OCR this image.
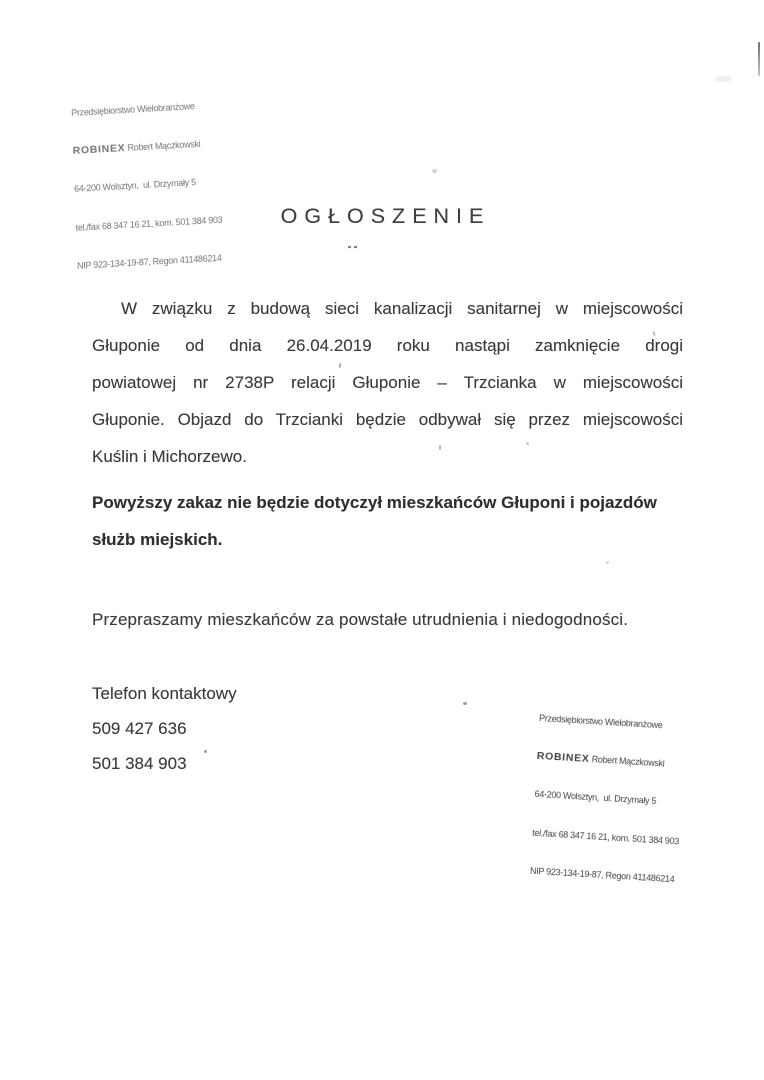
Przedsiębiorstwo Wielobranżowe

ROBINEX Robert Mączkowski

64-200 Wolsztyn,  ul. Drzymały 5

tel./fax 68 347 16 21, kom. 501 384 903

NIP 923-134-19-87, Regon 411486214

OGŁOSZENIE
W związku z budową sieci kanalizacji sanitarnej w miejscowości
Głuponie od dnia 26.04.2019 roku nastąpi zamknięcie drogi
powiatowej nr 2738P relacji Głuponie – Trzcianka w miejscowości
Głuponie. Objazd do Trzcianki będzie odbywał się przez miejscowości
Kuślin i Michorzewo.
Powyższy zakaz nie będzie dotyczył mieszkańców Głuponi i pojazdów
służb miejskich.
Przepraszamy mieszkańców za powstałe utrudnienia i niedogodności.
Telefon kontaktowy
509 427 636
501 384 903

Przedsiębiorstwo Wielobranżowe

ROBINEX Robert Mączkowski

64-200 Wolsztyn,  ul. Drzymały 5

tel./fax 68 347 16 21, kom. 501 384 903

NIP 923-134-19-87, Regon 411486214
